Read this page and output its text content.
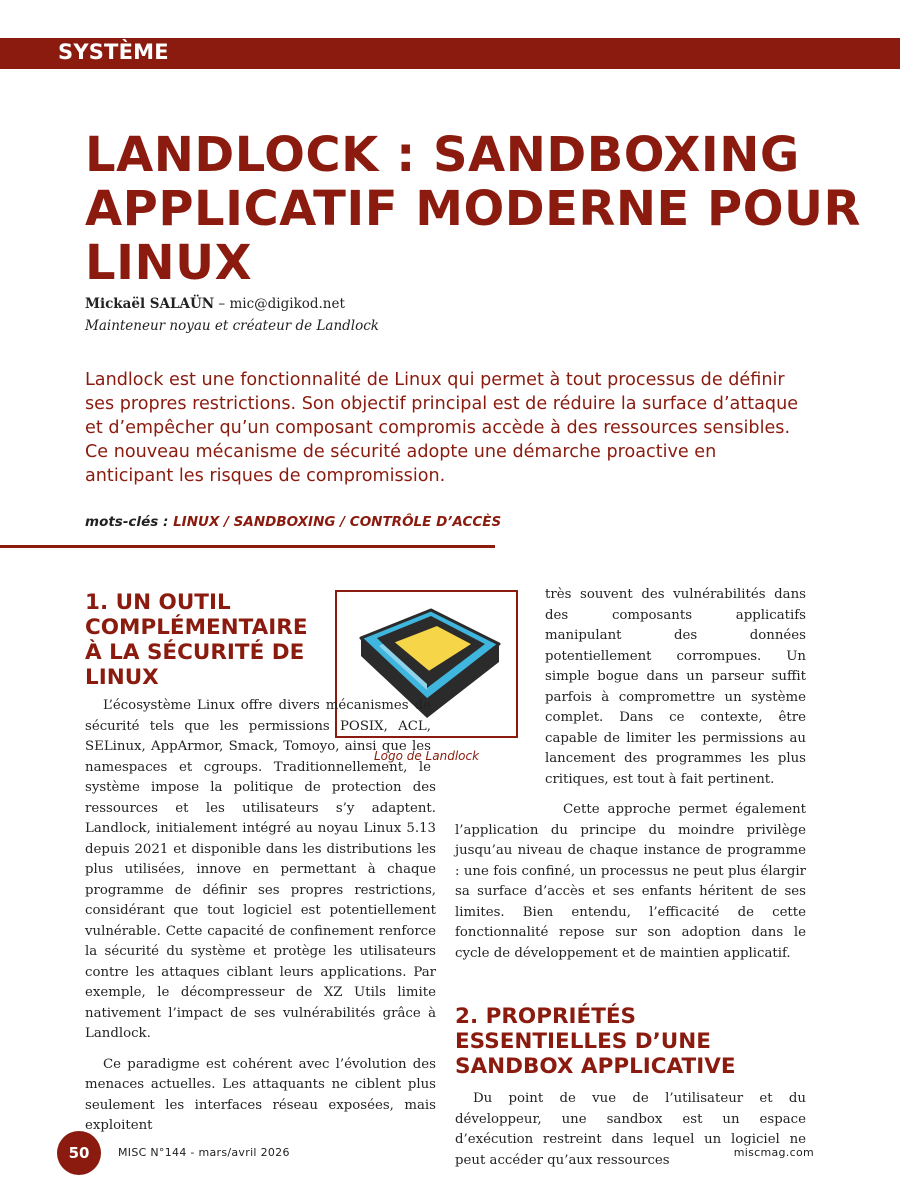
SYSTÈME
LANDLOCK : SANDBOXING APPLICATIF MODERNE POUR LINUX
Mickaël SALAÜN – mic@digikod.net
Mainteneur noyau et créateur de Landlock

Landlock est une fonctionnalité de Linux qui permet à tout processus de définir ses propres restrictions. Son objectif principal est de réduire la surface d’attaque et d’empêcher qu’un composant compromis accède à des ressources sensibles. Ce nouveau mécanisme de sécurité adopte une démarche proactive en anticipant les risques de compromission.

mots-clés : LINUX / SANDBOXING / CONTRÔLE D’ACCÈS
Logo de Landlock
1. UN OUTIL COMPLÉMENTAIRE À LA SÉCURITÉ DE LINUX

L’écosystème Linux offre divers mécanismes de sécurité tels que les permissions POSIX, ACL, SELinux, AppArmor, Smack, Tomoyo, ainsi que les namespaces et cgroups. Traditionnellement, le système impose la politique de protection des ressources et les utilisateurs s’y adaptent. Landlock, initialement intégré au noyau Linux 5.13 depuis 2021 et disponible dans les distributions les plus utilisées, innove en permettant à chaque programme de définir ses propres restrictions, considérant que tout logiciel est potentiellement vulnérable. Cette capacité de confinement renforce la sécurité du système et protège les utilisateurs contre les attaques ciblant leurs applications. Par exemple, le décompresseur de XZ Utils limite nativement l’impact de ses vulnérabilités grâce à Landlock.

Ce paradigme est cohérent avec l’évolution des menaces actuelles. Les attaquants ne ciblent plus seulement les interfaces réseau exposées, mais exploitent

très souvent des vulnérabilités dans des composants applicatifs manipulant des données potentiellement corrompues. Un simple bogue dans un parseur suffit parfois à compromettre un système complet. Dans ce contexte, être capable de limiter les permissions au lancement des programmes les plus critiques, est tout à fait pertinent.

Cette approche permet également l’application du principe du moindre privilège jusqu’au niveau de chaque instance de programme : une fois confiné, un processus ne peut plus élargir sa surface d’accès et ses enfants héritent de ses limites. Bien entendu, l’efficacité de cette fonctionnalité repose sur son adoption dans le cycle de développement et de maintien applicatif.

2. PROPRIÉTÉS ESSENTIELLES D’UNE SANDBOX APPLICATIVE

Du point de vue de l’utilisateur et du développeur, une sandbox est un espace d’exécution restreint dans lequel un logiciel ne peut accéder qu’aux ressources

50	MISC N°144 - mars/avril 2026	miscmag.com
